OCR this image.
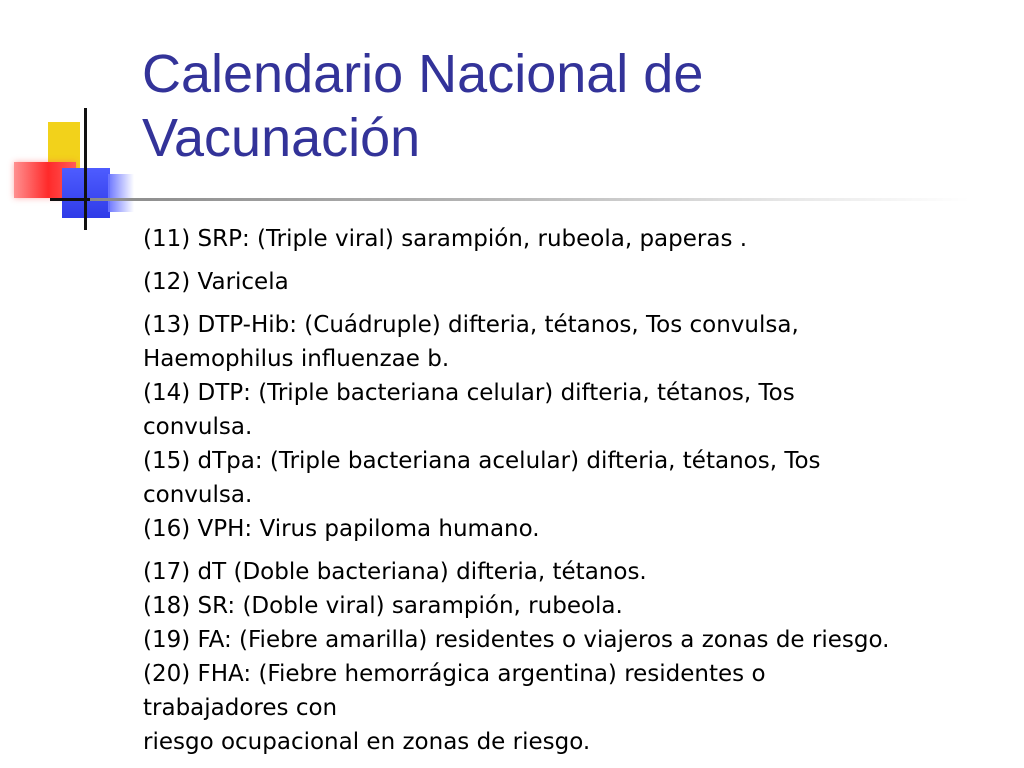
Calendario Nacional de
Vacunación
(11) SRP: (Triple viral) sarampión, rubeola, paperas .
(12) Varicela
(13) DTP-Hib: (Cuádruple) difteria, tétanos, Tos convulsa,
Haemophilus influenzae b.
(14) DTP: (Triple bacteriana celular) difteria, tétanos, Tos
convulsa.
(15) dTpa: (Triple bacteriana acelular) difteria, tétanos, Tos
convulsa.
(16) VPH: Virus papiloma humano.
(17) dT (Doble bacteriana) difteria, tétanos.
(18) SR: (Doble viral) sarampión, rubeola.
(19) FA: (Fiebre amarilla) residentes o viajeros a zonas de riesgo.
(20) FHA: (Fiebre hemorrágica argentina) residentes o
trabajadores con
riesgo ocupacional en zonas de riesgo.
